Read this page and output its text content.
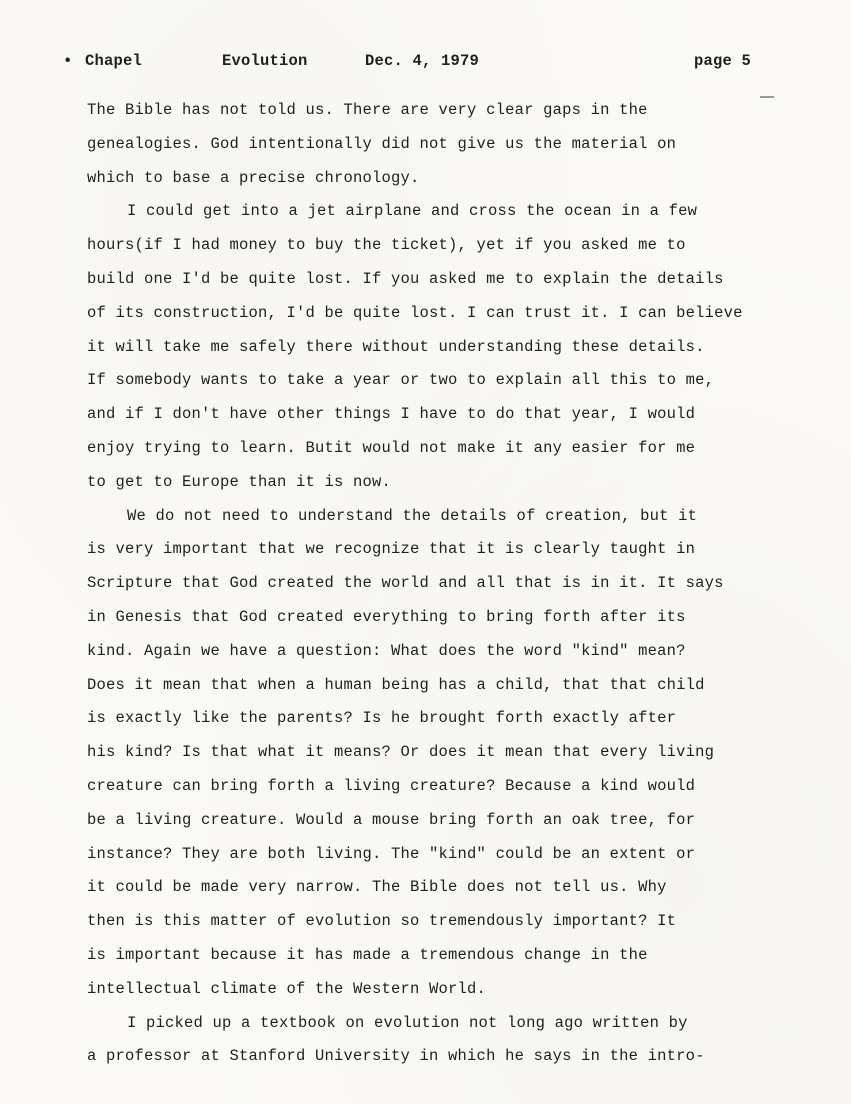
• Chapel	Evolution	Dec. 4, 1979	page 5
The Bible has not told us. There are very clear gaps in the
genealogies. God intentionally did not give us the material on
which to base a precise chronology.
I could get into a jet airplane and cross the ocean in a few
hours(if I had money to buy the ticket), yet if you asked me to
build one I'd be quite lost. If you asked me to explain the details
of its construction, I'd be quite lost. I can trust it. I can believe
it will take me safely there without understanding these details.
If somebody wants to take a year or two to explain all this to me,
and if I don't have other things I have to do that year, I would
enjoy trying to learn. Butit would not make it any easier for me
to get to Europe than it is now.
We do not need to understand the details of creation, but it
is very important that we recognize that it is clearly taught in
Scripture that God created the world and all that is in it. It says
in Genesis that God created everything to bring forth after its
kind. Again we have a question: What does the word "kind" mean?
Does it mean that when a human being has a child, that that child
is exactly like the parents? Is he brought forth exactly after
his kind? Is that what it means? Or does it mean that every living
creature can bring forth a living creature? Because a kind would
be a living creature. Would a mouse bring forth an oak tree, for
instance? They are both living. The "kind" could be an extent or
it could be made very narrow. The Bible does not tell us. Why
then is this matter of evolution so tremendously important? It
is important because it has made a tremendous change in the
intellectual climate of the Western World.
I picked up a textbook on evolution not long ago written by
a professor at Stanford University in which he says in the intro-
